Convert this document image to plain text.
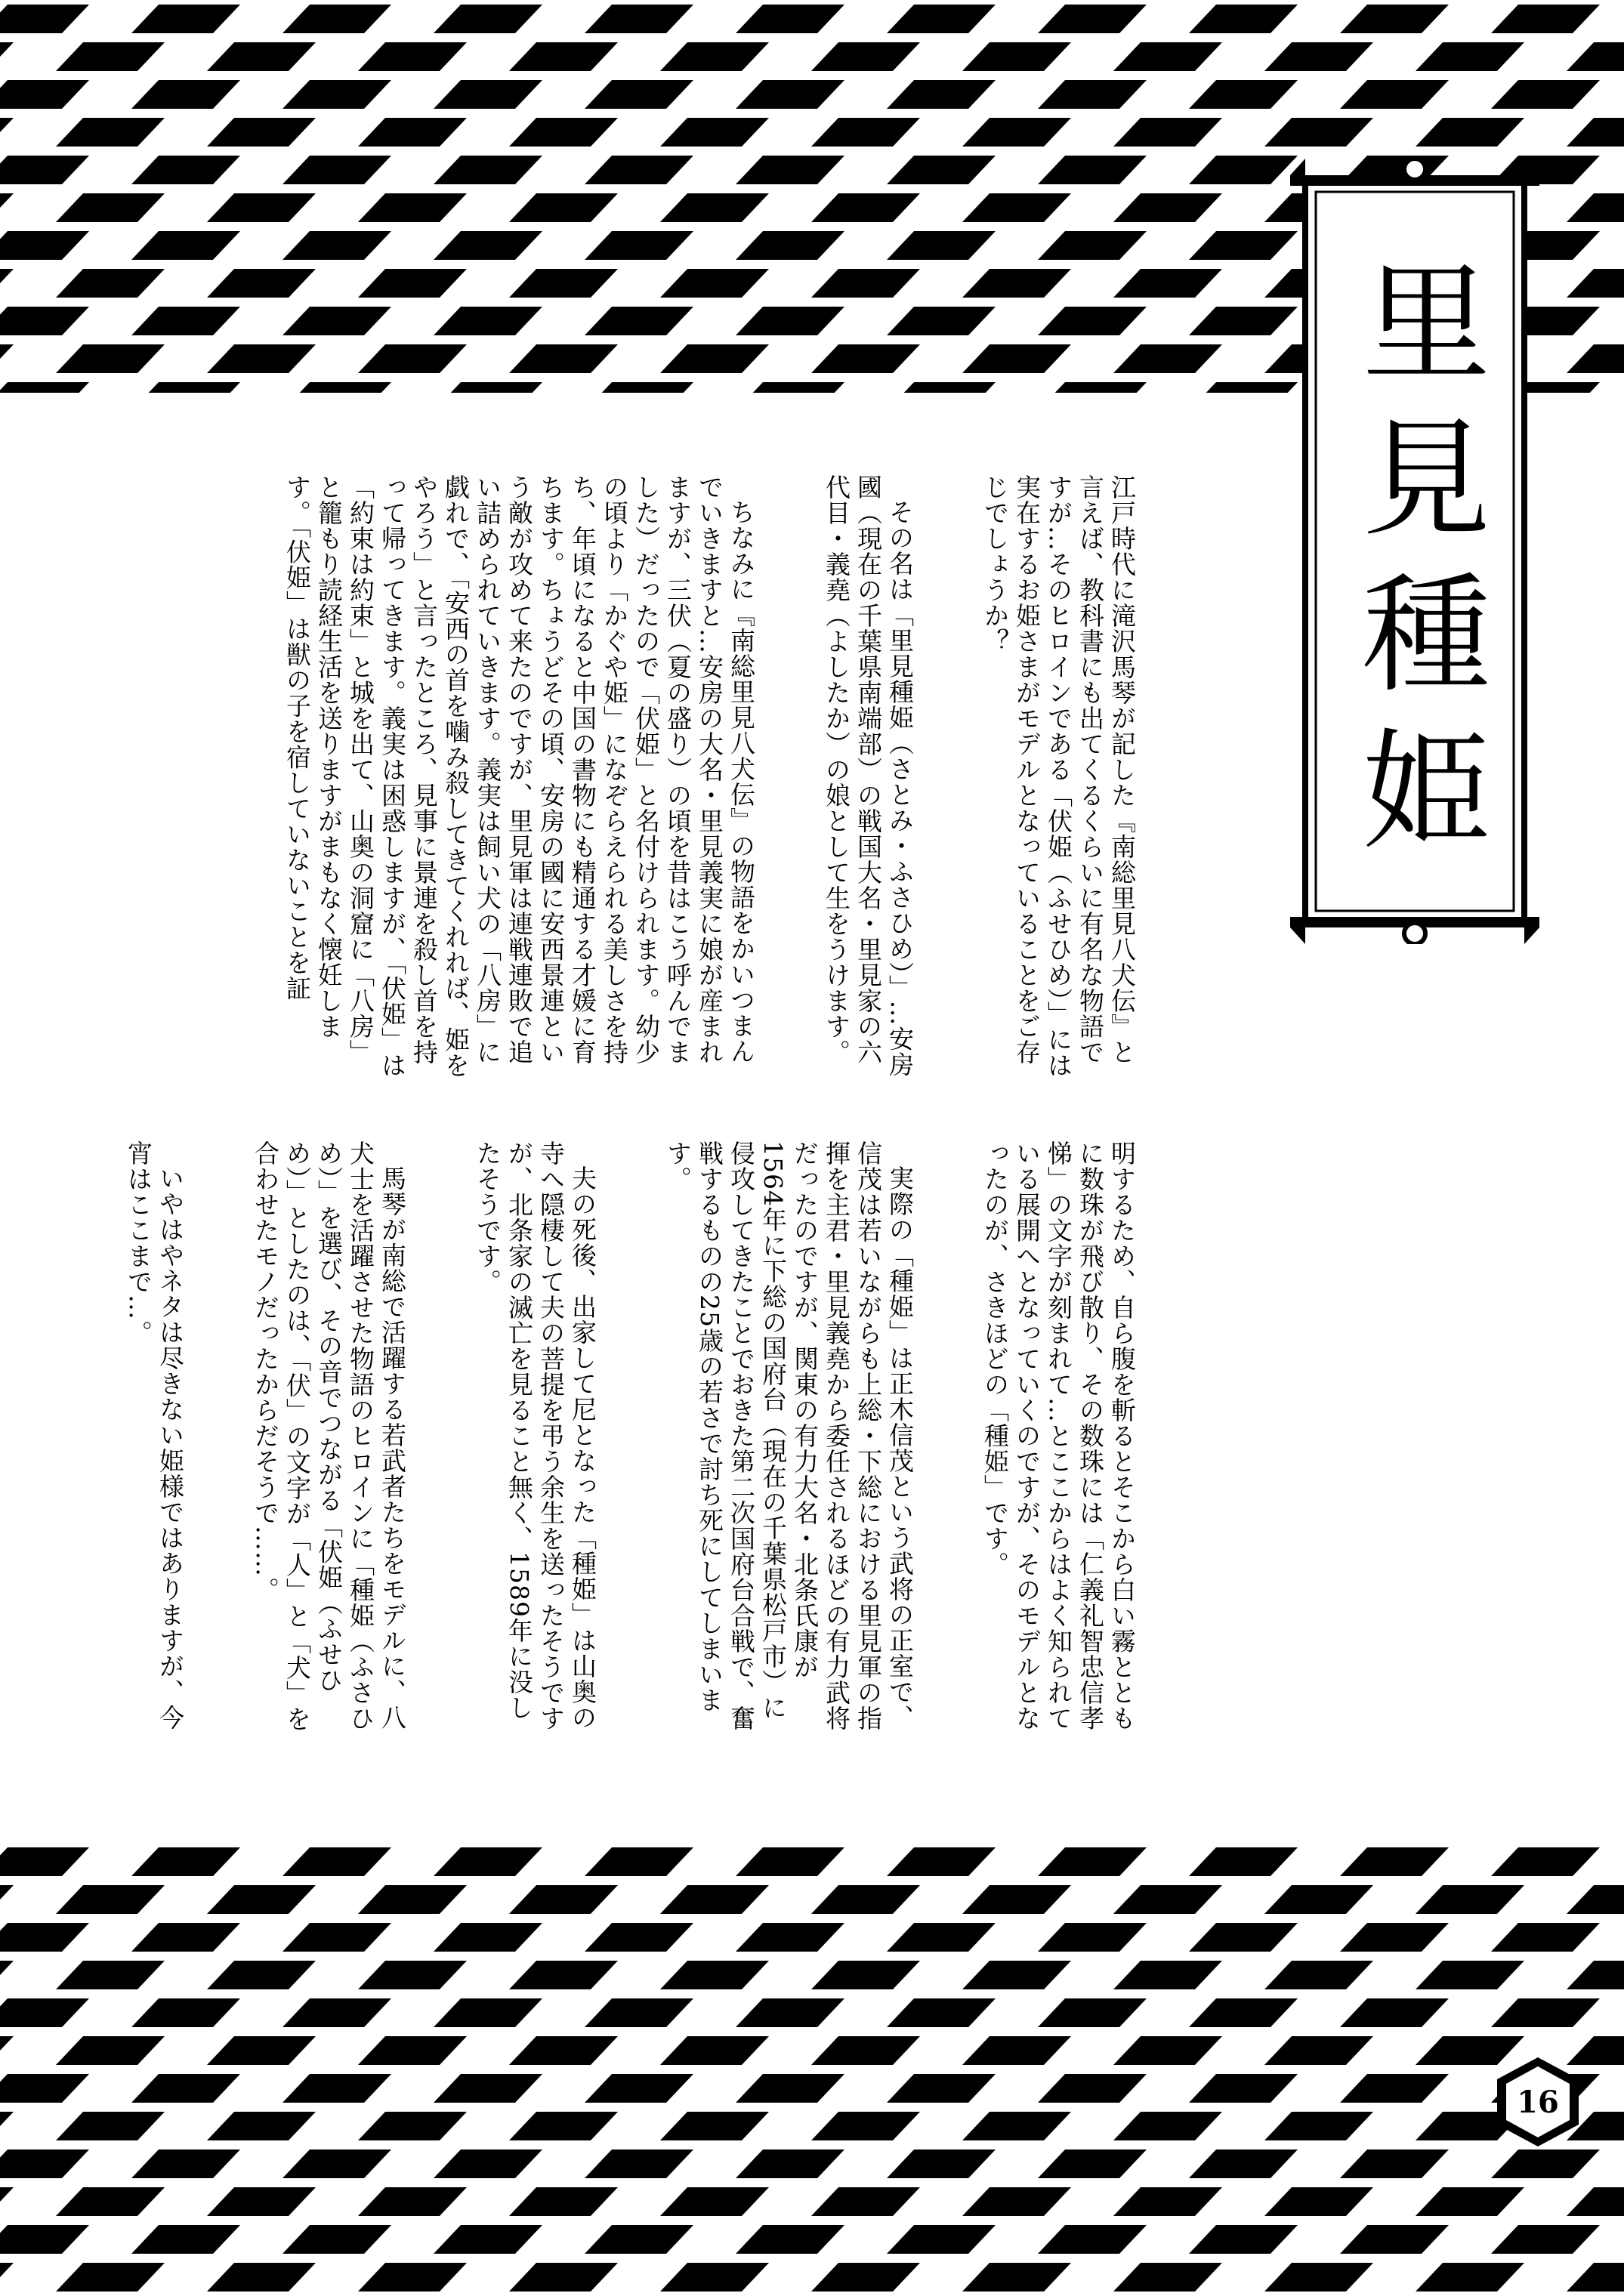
里見種姫

江戸時代に滝沢馬琴が記した『南総里見八犬伝』と言えば、教科書にも出てくるくらいに有名な物語ですが…そのヒロインである「伏姫（ふせひめ）」には実在するお姫さまがモデルとなっていることをご存じでしょうか？

その名は「里見種姫（さとみ・ふさひめ）」…安房國（現在の千葉県南端部）の戦国大名・里見家の六代目・義堯（よしたか）の娘として生をうけます。

ちなみに『南総里見八犬伝』の物語をかいつまんでいきますと…安房の大名・里見義実に娘が産まれますが、三伏（夏の盛り）の頃を昔はこう呼んでました）だったので「伏姫」と名付けられます。幼少の頃より「かぐや姫」になぞらえられる美しさを持ち、年頃になると中国の書物にも精通する才媛に育ちます。ちょうどその頃、安房の國に安西景連という敵が攻めて来たのですが、里見軍は連戦連敗で追い詰められていきます。義実は飼い犬の「八房」に戯れで、「安西の首を噛み殺してきてくれれば、姫をやろう」と言ったところ、見事に景連を殺し首を持って帰ってきます。義実は困惑しますが、「伏姫」は「約束は約束」と城を出て、山奥の洞窟に「八房」と籠もり読経生活を送りますがまもなく懐妊します。「伏姫」は獣の子を宿していないことを証

明するため、自ら腹を斬るとそこから白い霧とともに数珠が飛び散り、その数珠には「仁義礼智忠信孝悌」の文字が刻まれて…とここからはよく知られている展開へとなっていくのですが、そのモデルとなったのが、さきほどの「種姫」です。

実際の「種姫」は正木信茂という武将の正室で、信茂は若いながらも上総・下総における里見軍の指揮を主君・里見義堯から委任されるほどの有力武将だったのですが、関東の有力大名・北条氏康が1564年に下総の国府台（現在の千葉県松戸市）に侵攻してきたことでおきた第二次国府台合戦で、奮戦するものの25歳の若さで討ち死にしてしまいます。

夫の死後、出家して尼となった「種姫」は山奥の寺へ隠棲して夫の菩提を弔う余生を送ったそうですが、北条家の滅亡を見ること無く、1589年に没したそうです。

馬琴が南総で活躍する若武者たちをモデルに、八犬士を活躍させた物語のヒロインに「種姫（ふさひめ）」を選び、その音でつながる「伏姫（ふせひめ）」としたのは、「伏」の文字が「人」と「犬」を合わせたモノだったからだそうで……。

いやはやネタは尽きない姫様ではありますが、今宵はここまで…。

16
